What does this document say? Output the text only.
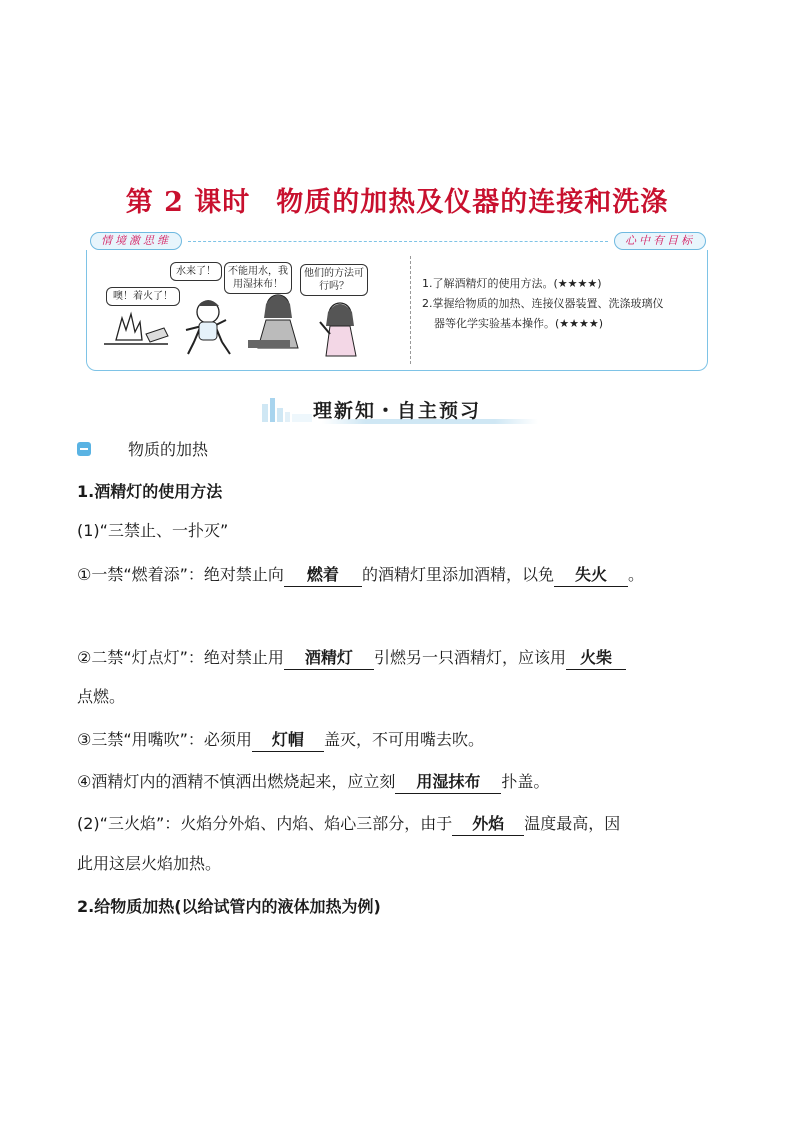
第 2 课时 物质的加热及仪器的连接和洗涤
情境激思维	心中有目标
噢！着火了！
水来了！	不能用水，我用湿抹布！
他们的方法可行吗？	1.了解酒精灯的使用方法。(★★★★)
2.掌握给物质的加热、连接仪器装置、洗涤玻璃仪
器等化学实验基本操作。(★★★★)
理新知・自主预习
物质的加热
1.酒精灯的使用方法
(1)“三禁止、一扑灭”
①一禁“燃着添”：绝对禁止向 燃着 的酒精灯里添加酒精，以免 失火 。
②二禁“灯点灯”：绝对禁止用 酒精灯 引燃另一只酒精灯，应该用 火柴
点燃。
③三禁“用嘴吹”：必须用 灯帽 盖灭，不可用嘴去吹。
④酒精灯内的酒精不慎洒出燃烧起来，应立刻 用湿抹布 扑盖。
(2)“三火焰”：火焰分外焰、内焰、焰心三部分，由于 外焰 温度最高，因
此用这层火焰加热。
2.给物质加热(以给试管内的液体加热为例)
